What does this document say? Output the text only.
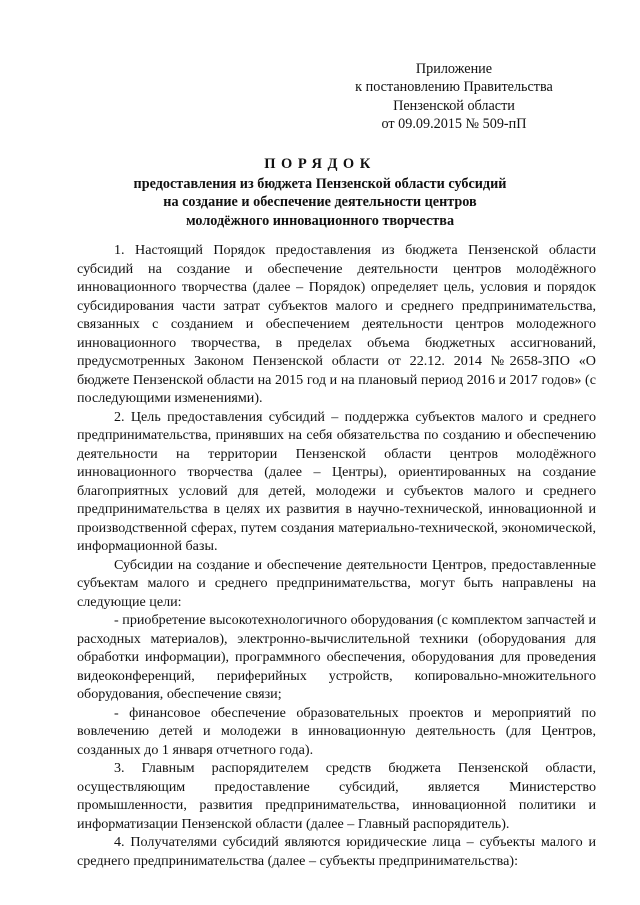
Приложение
к постановлению Правительства
Пензенской области
от 09.09.2015 № 509-пП
ПОРЯДОК
предоставления из бюджета Пензенской области субсидий
на создание и обеспечение деятельности центров
молодёжного инновационного творчества

1. Настоящий Порядок предоставления из бюджета Пензенской области субсидий на создание и обеспечение деятельности центров молодёжного инновационного творчества (далее – Порядок) определяет цель, условия и порядок субсидирования части затрат субъектов малого и среднего предпринимательства, связанных с созданием и обеспечением деятельности центров молодежного инновационного творчества, в пределах объема бюджетных ассигнований, предусмотренных Законом Пензенской области от 22.12. 2014 №2658-ЗПО «О бюджете Пензенской области на 2015 год и на плановый период 2016 и 2017 годов» (с последующими изменениями).

2. Цель предоставления субсидий – поддержка субъектов малого и среднего предпринимательства, принявших на себя обязательства по созданию и обеспечению деятельности на территории Пензенской области центров молодёжного инновационного творчества (далее – Центры), ориентированных на создание благоприятных условий для детей, молодежи и субъектов малого и среднего предпринимательства в целях их развития в научно-технической, инновационной и производственной сферах, путем создания материально-технической, экономической, информационной базы.

Субсидии на создание и обеспечение деятельности Центров, предоставленные субъектам малого и среднего предпринимательства, могут быть направлены на следующие цели:

- приобретение высокотехнологичного оборудования (с комплектом запчастей и расходных материалов), электронно-вычислительной техники (оборудования для обработки информации), программного обеспечения, оборудования для проведения видеоконференций, периферийных устройств, копировально-множительного оборудования, обеспечение связи;

- финансовое обеспечение образовательных проектов и мероприятий по вовлечению детей и молодежи в инновационную деятельность (для Центров, созданных до 1 января отчетного года).

3. Главным распорядителем средств бюджета Пензенской области, осуществляющим предоставление субсидий, является Министерство промышленности, развития предпринимательства, инновационной политики и информатизации Пензенской области (далее – Главный распорядитель).

4. Получателями субсидий являются юридические лица – субъекты малого и среднего предпринимательства (далее – субъекты предпринимательства):
